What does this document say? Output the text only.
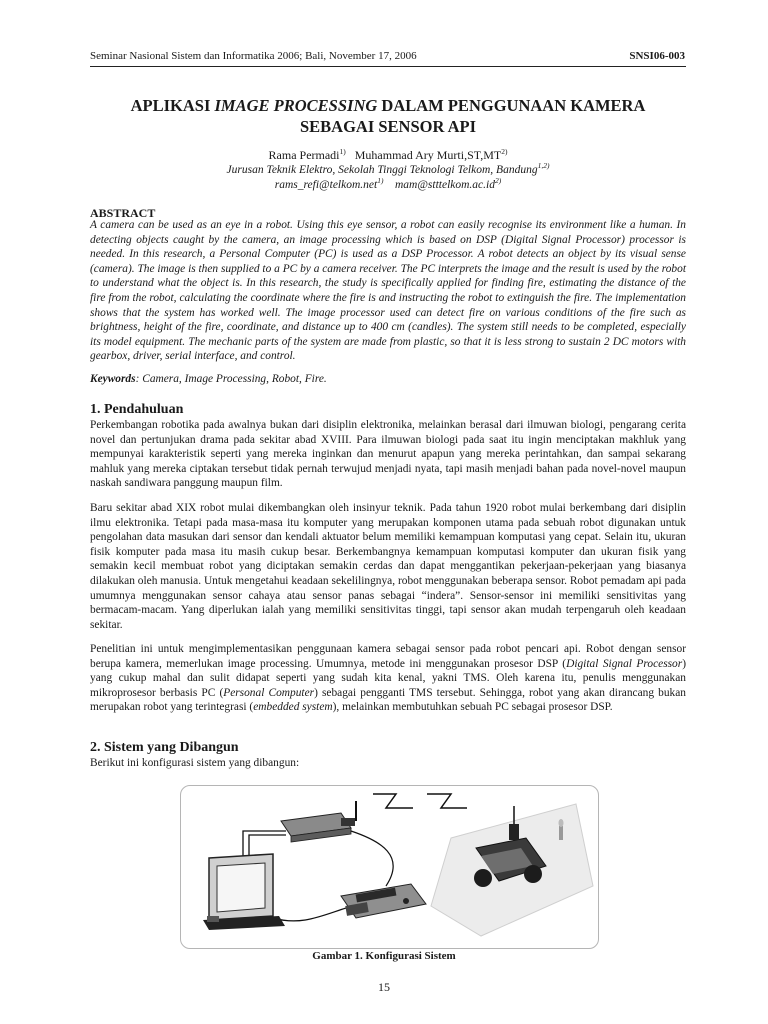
Seminar Nasional Sistem dan Informatika 2006; Bali, November 17, 2006	SNSI06-003
APLIKASI IMAGE PROCESSING DALAM PENGGUNAAN KAMERA
SEBAGAI SENSOR API
Rama Permadi$^{1)}$ Muhammad Ary Murti,ST,MT$^{2)}$
Jurusan Teknik Elektro, Sekolah Tinggi Teknologi Telkom, Bandung$^{1,2)}$
rams_refi@telkom.net$^{1)}$ $mam@stttelkom.ac.id^{2)}$
ABSTRACT
A camera can be used as an eye in a robot. Using this eye sensor, a robot can easily recognise its environment like a human. In detecting objects caught by the camera, an image processing which is based on DSP (Digital Signal Processor) processor is needed. In this research, a Personal Computer (PC) is used as a DSP Processor. A robot detects an object by its visual sense (camera). The image is then supplied to a PC by a camera receiver. The PC interprets the image and the result is used by the robot to understand what the object is. In this research, the study is specifically applied for finding fire, estimating the distance of the fire from the robot, calculating the coordinate where the fire is and instructing the robot to extinguish the fire. The implementation shows that the system has worked well. The image processor used can detect fire on various conditions of the fire such as brightness, height of the fire, coordinate, and distance up to 400 cm (candles). The system still needs to be completed, especially its model equipment. The mechanic parts of the system are made from plastic, so that it is less strong to sustain 2 DC motors with gearbox, driver, serial interface, and control.
Keywords: Camera, Image Processing, Robot, Fire.
1. Pendahuluan
Perkembangan robotika pada awalnya bukan dari disiplin elektronika, melainkan berasal dari ilmuwan biologi, pengarang cerita novel dan pertunjukan drama pada sekitar abad XVIII. Para ilmuwan biologi pada saat itu ingin menciptakan makhluk yang mempunyai karakteristik seperti yang mereka inginkan dan menurut apapun yang mereka perintahkan, dan sampai sekarang mahluk yang mereka ciptakan tersebut tidak pernah terwujud menjadi nyata, tapi masih menjadi bahan pada novel-novel maupun naskah sandiwara panggung maupun film.
Baru sekitar abad XIX robot mulai dikembangkan oleh insinyur teknik. Pada tahun 1920 robot mulai berkembang dari disiplin ilmu elektronika. Tetapi pada masa-masa itu komputer yang merupakan komponen utama pada sebuah robot digunakan untuk pengolahan data masukan dari sensor dan kendali aktuator belum memiliki kemampuan komputasi yang cepat. Selain itu, ukuran fisik komputer pada masa itu masih cukup besar. Berkembangnya kemampuan komputasi komputer dan ukuran fisik yang semakin kecil membuat robot yang diciptakan semakin cerdas dan dapat menggantikan pekerjaan-pekerjaan yang biasanya dilakukan oleh manusia. Untuk mengetahui keadaan sekelilingnya, robot menggunakan beberapa sensor. Robot pemadam api pada umumnya menggunakan sensor cahaya atau sensor panas sebagai “indera”. Sensor-sensor ini memiliki sensitivitas yang bermacam-macam. Yang diperlukan ialah yang memiliki sensitivitas tinggi, tapi sensor akan mudah terpengaruh oleh keadaan sekitar.
Penelitian ini untuk mengimplementasikan penggunaan kamera sebagai sensor pada robot pencari api. Robot dengan sensor berupa kamera, memerlukan image processing. Umumnya, metode ini menggunakan prosesor DSP (Digital Signal Processor) yang cukup mahal dan sulit didapat seperti yang sudah kita kenal, yakni TMS. Oleh karena itu, penulis menggunakan mikroprosesor berbasis PC (Personal Computer) sebagai pengganti TMS tersebut. Sehingga, robot yang akan dirancang bukan merupakan robot yang terintegrasi (embedded system), melainkan membutuhkan sebuah PC sebagai prosesor DSP.
2. Sistem yang Dibangun
Berikut ini konfigurasi sistem yang dibangun:
Gambar 1. Konfigurasi Sistem
15
